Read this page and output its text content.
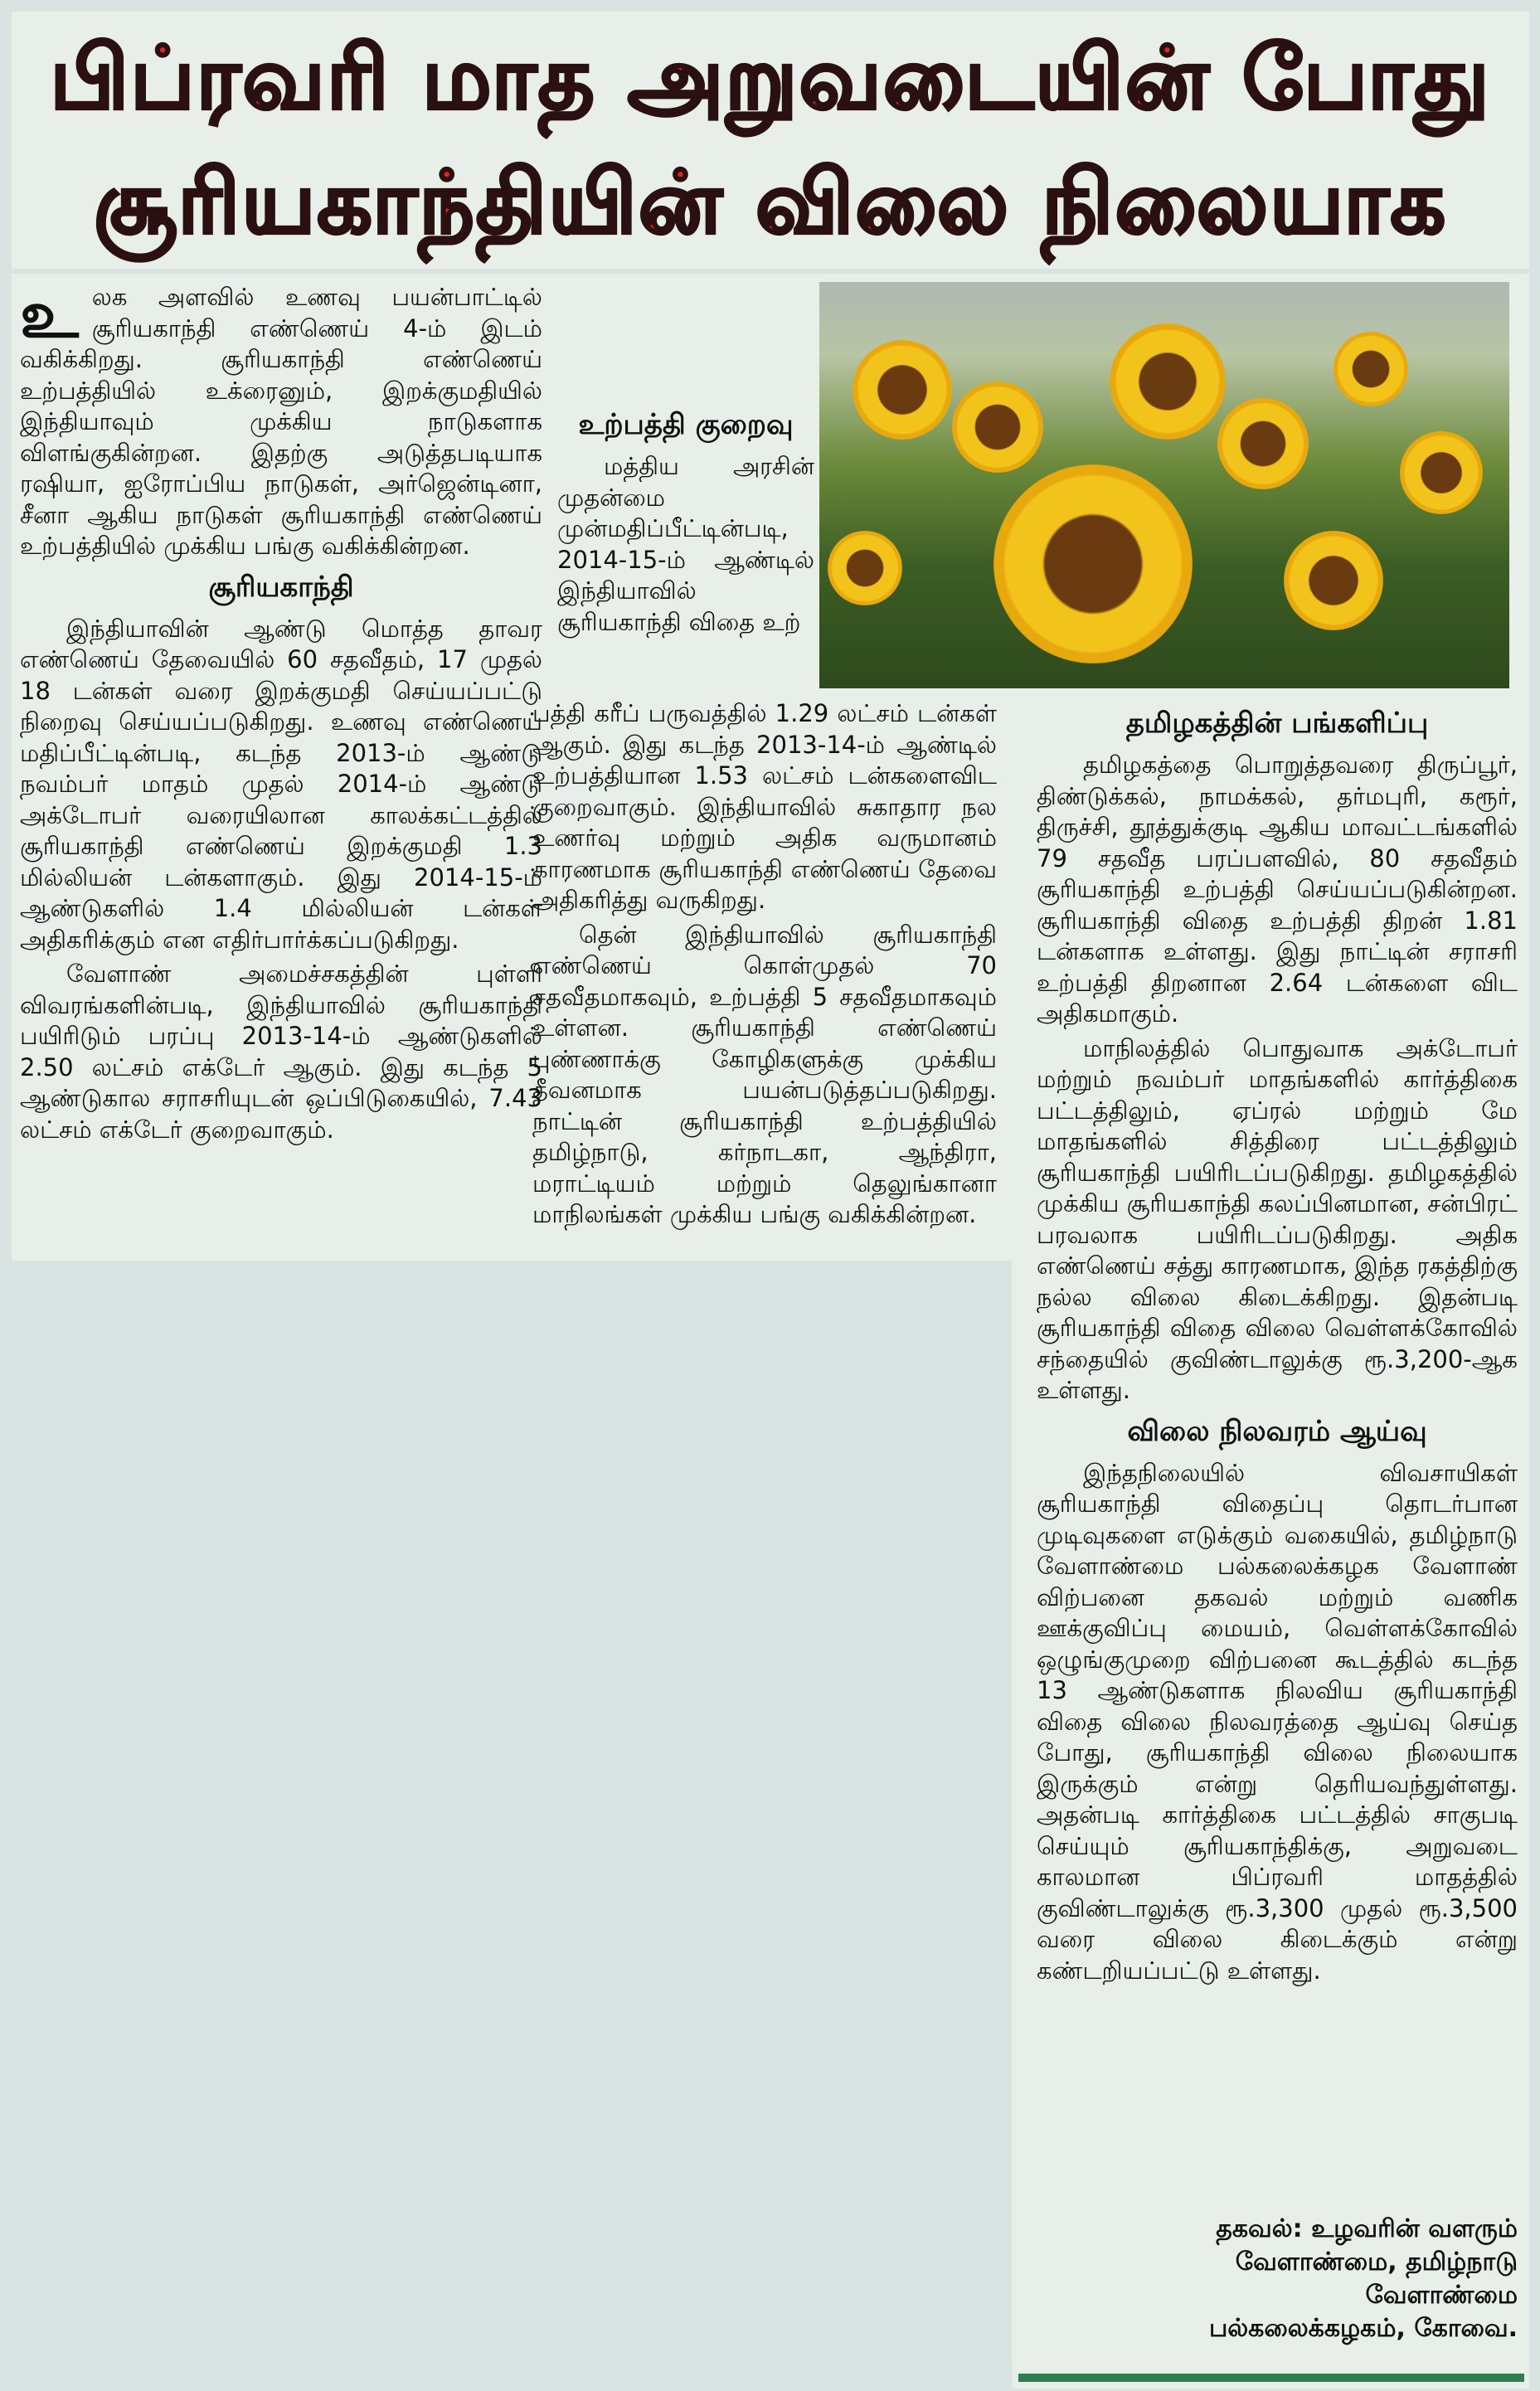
பிப்ரவரி மாத அறுவடையின் போது
சூரியகாந்தியின் விலை நிலையாக

உலக அளவில் உணவு பயன்பாட்டில் சூரியகாந்தி எண்ணெய் 4-ம் இடம் வகிக்கிறது. சூரியகாந்தி எண்ணெய் உற்பத்தியில் உக்ரைனும், இறக்குமதியில் இந்தியாவும் முக்கிய நாடுகளாக விளங்குகின்றன. இதற்கு அடுத்தபடியாக ரஷியா, ஐரோப்பிய நாடுகள், அர்ஜென்டினா, சீனா ஆகிய நாடுகள் சூரியகாந்தி எண்ணெய் உற்பத்தியில் முக்கிய பங்கு வகிக்கின்றன.

சூரியகாந்தி

இந்தியாவின் ஆண்டு மொத்த தாவர எண்ணெய் தேவையில் 60 சதவீதம், 17 முதல் 18 டன்கள் வரை இறக்குமதி செய்யப்பட்டு நிறைவு செய்யப்படுகிறது. உணவு எண்ணெய் மதிப்பீட்டின்படி, கடந்த 2013-ம் ஆண்டு நவம்பர் மாதம் முதல் 2014-ம் ஆண்டு அக்டோபர் வரையிலான காலக்கட்டத்தில் சூரியகாந்தி எண்ணெய் இறக்குமதி 1.3 மில்லியன் டன்களாகும். இது 2014-15-ம் ஆண்டுகளில் 1.4 மில்லியன் டன்கள் அதிகரிக்கும் என எதிர்பார்க்கப்படுகிறது.

வேளாண் அமைச்சகத்தின் புள்ளி விவரங்களின்படி, இந்தியாவில் சூரியகாந்தி பயிரிடும் பரப்பு 2013-14-ம் ஆண்டுகளில் 2.50 லட்சம் எக்டேர் ஆகும். இது கடந்த 5 ஆண்டுகால சராசரியுடன் ஒப்பிடுகையில், 7.43 லட்சம் எக்டேர் குறைவாகும்.

உற்பத்தி குறைவு

மத்திய அரசின் முதன்மை முன்மதிப்பீட்டின்படி, 2014-15-ம் ஆண்டில் இந்தியாவில் சூரியகாந்தி விதை உற்

பத்தி கரீப் பருவத்தில் 1.29 லட்சம் டன்கள் ஆகும். இது கடந்த 2013-14-ம் ஆண்டில் உற்பத்தியான 1.53 லட்சம் டன்களைவிட குறைவாகும். இந்தியாவில் சுகாதார நல உணர்வு மற்றும் அதிக வருமானம் காரணமாக சூரியகாந்தி எண்ணெய் தேவை அதிகரித்து வருகிறது.

தென் இந்தியாவில் சூரியகாந்தி எண்ணெய் கொள்முதல் 70 சதவீதமாகவும், உற்பத்தி 5 சதவீதமாகவும் உள்ளன. சூரியகாந்தி எண்ணெய் புண்ணாக்கு கோழிகளுக்கு முக்கிய தீவனமாக பயன்படுத்தப்படுகிறது. நாட்டின் சூரியகாந்தி உற்பத்தியில் தமிழ்நாடு, கர்நாடகா, ஆந்திரா, மராட்டியம் மற்றும் தெலுங்கானா மாநிலங்கள் முக்கிய பங்கு வகிக்கின்றன.

தமிழகத்தின் பங்களிப்பு

தமிழகத்தை பொறுத்தவரை திருப்பூர், திண்டுக்கல், நாமக்கல், தர்மபுரி, கரூர், திருச்சி, தூத்துக்குடி ஆகிய மாவட்டங்களில் 79 சதவீத பரப்பளவில், 80 சதவீதம் சூரியகாந்தி உற்பத்தி செய்யப்படுகின்றன. சூரியகாந்தி விதை உற்பத்தி திறன் 1.81 டன்களாக உள்ளது. இது நாட்டின் சராசரி உற்பத்தி திறனான 2.64 டன்களை விட அதிகமாகும்.

மாநிலத்தில் பொதுவாக அக்டோபர் மற்றும் நவம்பர் மாதங்களில் கார்த்திகை பட்டத்திலும், ஏப்ரல் மற்றும் மே மாதங்களில் சித்திரை பட்டத்திலும் சூரியகாந்தி பயிரிடப்படுகிறது. தமிழகத்தில் முக்கிய சூரியகாந்தி கலப்பினமான, சன்பிரட் பரவலாக பயிரிடப்படுகிறது. அதிக எண்ணெய் சத்து காரணமாக, இந்த ரகத்திற்கு நல்ல விலை கிடைக்கிறது. இதன்படி சூரியகாந்தி விதை விலை வெள்ளக்கோவில் சந்தையில் குவிண்டாலுக்கு ரூ.3,200-ஆக உள்ளது.

விலை நிலவரம் ஆய்வு

இந்தநிலையில் விவசாயிகள் சூரியகாந்தி விதைப்பு தொடர்பான முடிவுகளை எடுக்கும் வகையில், தமிழ்நாடு வேளாண்மை பல்கலைக்கழக வேளாண் விற்பனை தகவல் மற்றும் வணிக ஊக்குவிப்பு மையம், வெள்ளக்கோவில் ஒழுங்குமுறை விற்பனை கூடத்தில் கடந்த 13 ஆண்டுகளாக நிலவிய சூரியகாந்தி விதை விலை நிலவரத்தை ஆய்வு செய்த போது, சூரியகாந்தி விலை நிலையாக இருக்கும் என்று தெரியவந்துள்ளது. அதன்படி கார்த்திகை பட்டத்தில் சாகுபடி செய்யும் சூரியகாந்திக்கு, அறுவடை காலமான பிப்ரவரி மாதத்தில் குவிண்டாலுக்கு ரூ.3,300 முதல் ரூ.3,500 வரை விலை கிடைக்கும் என்று கண்டறியப்பட்டு உள்ளது.

தகவல்: உழவரின் வளரும்
வேளாண்மை, தமிழ்நாடு வேளாண்மை
பல்கலைக்கழகம், கோவை.
